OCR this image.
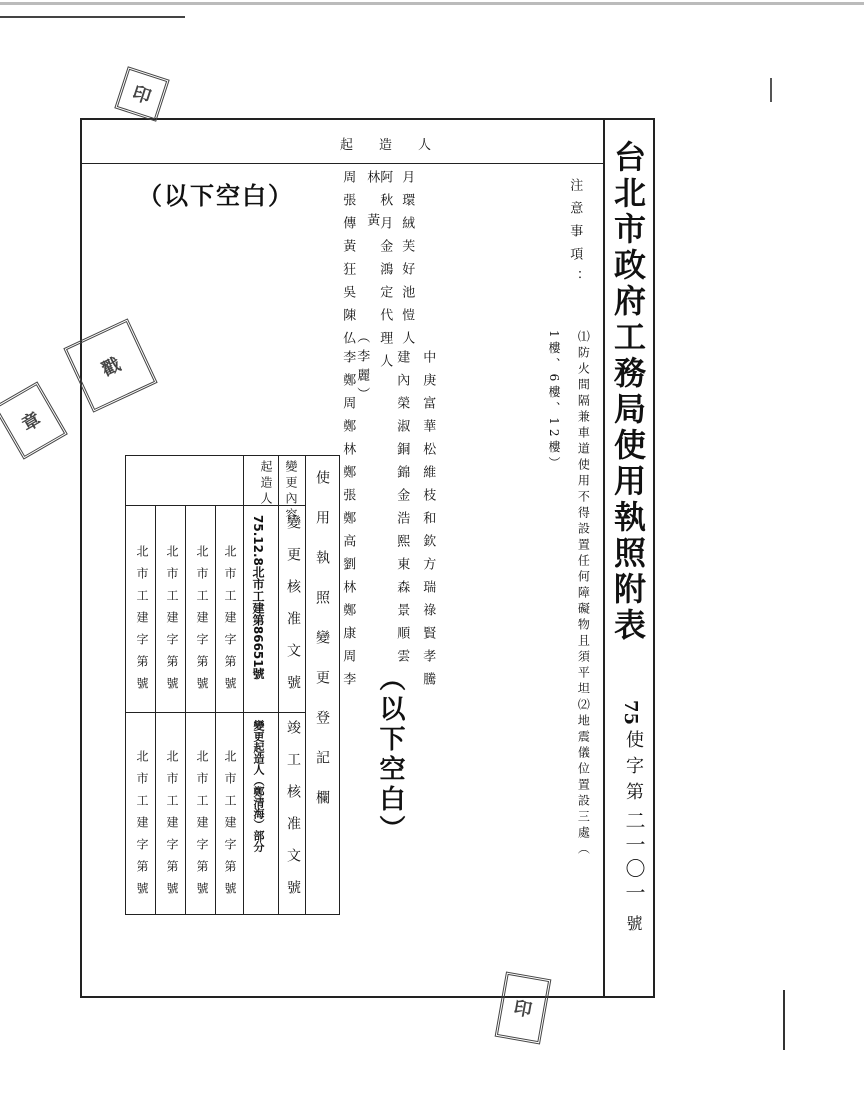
台北市政府工務局使用執照附表
75
使字第
二一〇一
號
注意事項：
⑴防火間隔兼車道使用不得設置任何障礙物且須平坦⑵地震儀位置設三處（
1樓、6樓、12樓）
起造人
月環絨芙好池愷人
阿秋月金鴻定代理人
林黃
周張傳黃狂吳陳仏
（李麗）	中庚富華松維枝和欽方瑞祿賢孝騰
建內榮淑銅錦金浩熙東森景順雲
李鄭周鄭林鄭張鄭高劉林鄭康周李
（以下空白）
（以下空白）
使用執照變更登記欄
變更內容
起造人
變更核准文號
竣工核准文號
75.12.8北市工建第86651號
變更起造人（鄭清海）部分
北市工建字第號
北市工建字第號
北市工建字第號
北市工建字第號
北市工建字第號
北市工建字第號
北市工建字第號
北市工建字第號
印
戳
章
印
